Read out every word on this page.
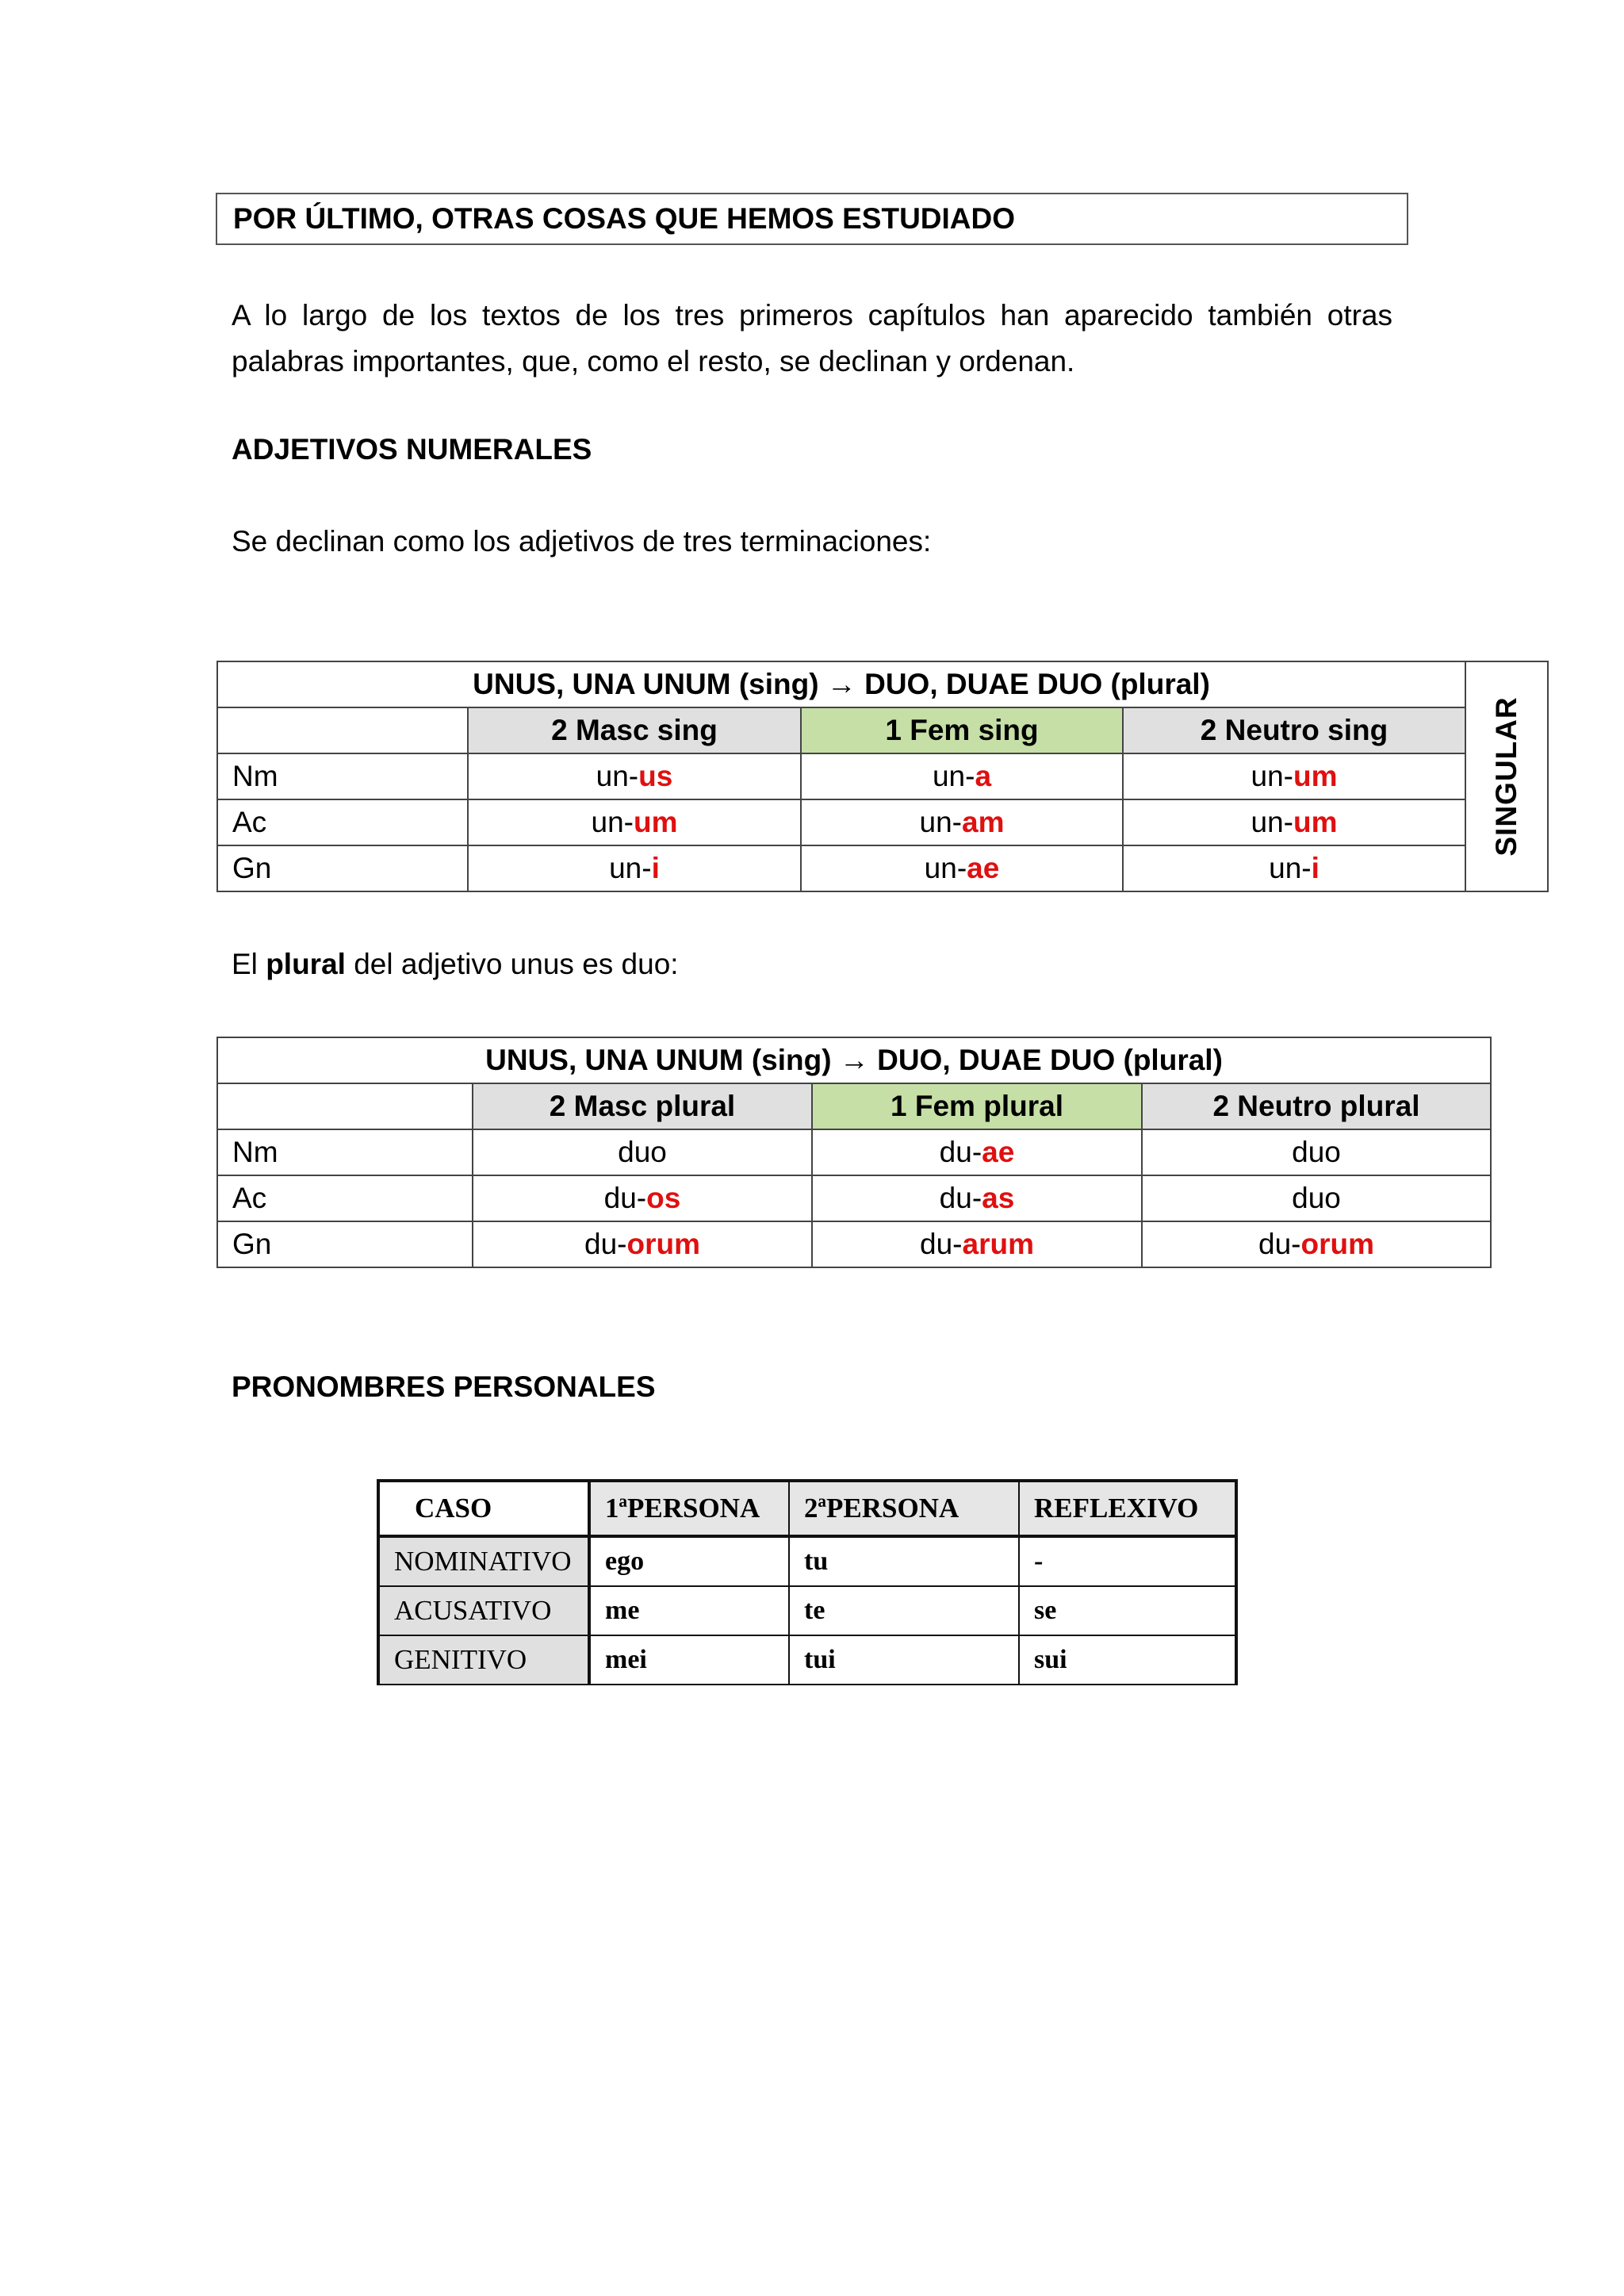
POR ÚLTIMO, OTRAS COSAS QUE HEMOS ESTUDIADO
A lo largo de los textos de los tres primeros capítulos han aparecido también otras palabras importantes, que, como el resto, se declinan y ordenan.
ADJETIVOS NUMERALES
Se declinan como los adjetivos de tres terminaciones:
UNUS, UNA UNUM (sing) → DUO, DUAE DUO (plural)				SINGULAR

	2 Masc sing	1 Fem sing	2 Neutro sing	
Nm	un-us	un-a	un-um	
Ac	un-um	un-am	un-um	
Gn	un-i	un-ae	un-i	
El plural del adjetivo unus es duo:
UNUS, UNA UNUM (sing) → DUO, DUAE DUO (plural)			
	2 Masc plural	1 Fem plural	2 Neutro plural
Nm	duo	du-ae	duo
Ac	du-os	du-as	duo
Gn	du-orum	du-arum	du-orum
PRONOMBRES PERSONALES
CASO	1ªPERSONA	2ªPERSONA	REFLEXIVO
NOMINATIVO	ego	tu	-
ACUSATIVO	me	te	se
GENITIVO	mei	tui	sui
